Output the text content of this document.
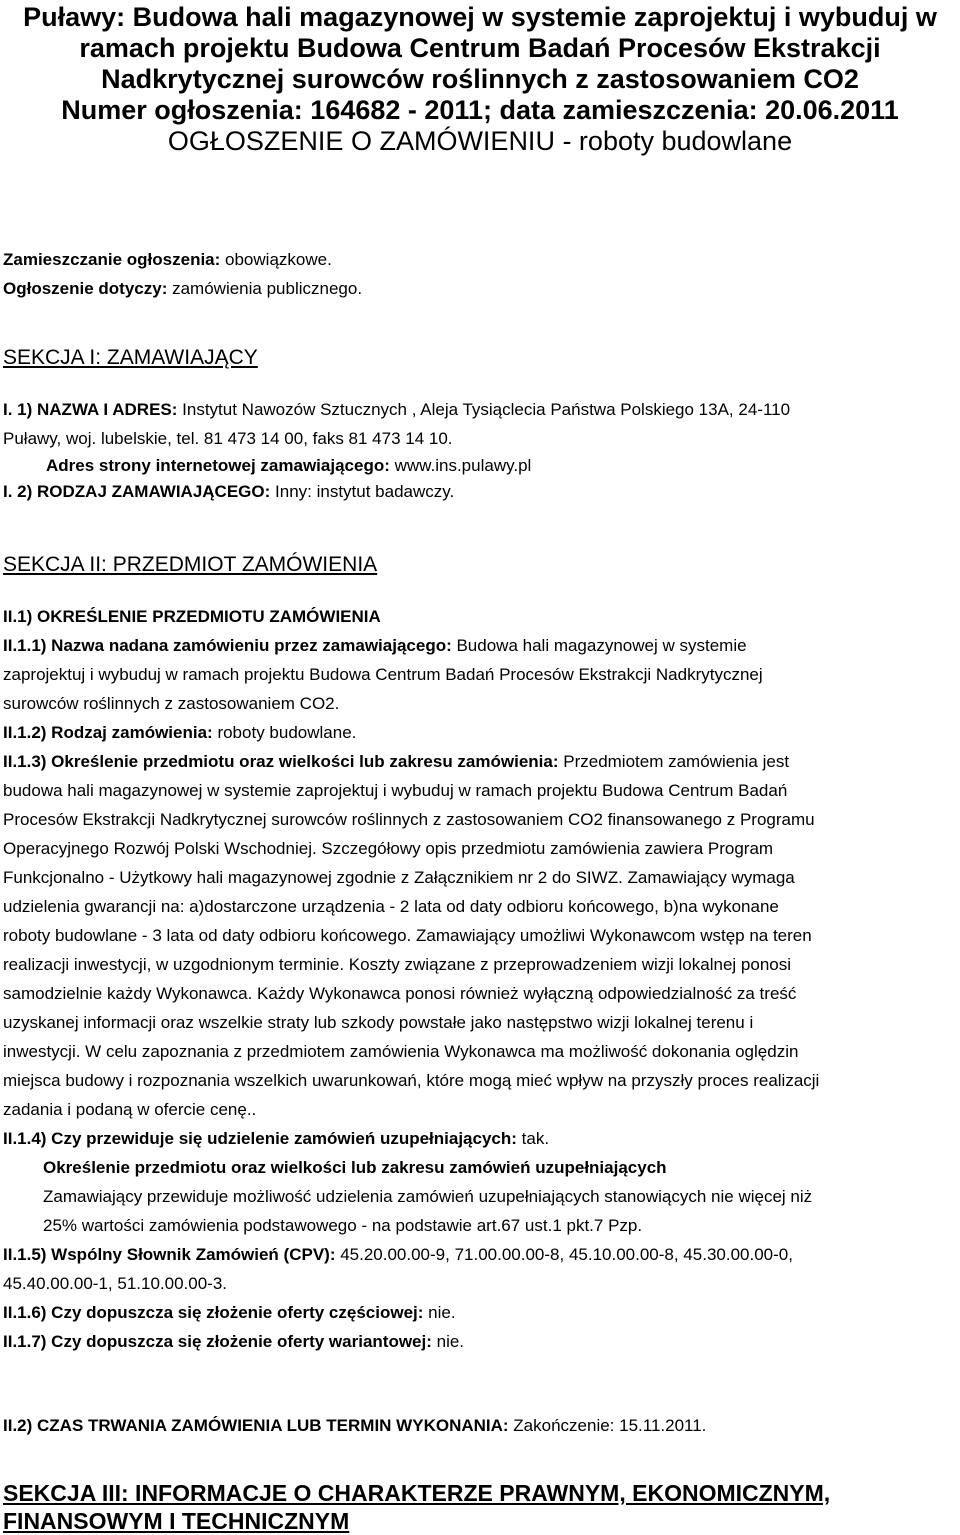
Puławy: Budowa hali magazynowej w systemie zaprojektuj i wybuduj w

ramach projektu Budowa Centrum Badań Procesów Ekstrakcji

Nadkrytycznej surowców roślinnych z zastosowaniem CO2

Numer ogłoszenia: 164682 - 2011; data zamieszczenia: 20.06.2011

OGŁOSZENIE O ZAMÓWIENIU - roboty budowlane

Zamieszczanie ogłoszenia: obowiązkowe.

Ogłoszenie dotyczy: zamówienia publicznego.

SEKCJA I: ZAMAWIAJĄCY

I. 1) NAZWA I ADRES: Instytut Nawozów Sztucznych , Aleja Tysiąclecia Państwa Polskiego 13A, 24-110

Puławy, woj. lubelskie, tel. 81 473 14 00, faks 81 473 14 10.

Adres strony internetowej zamawiającego: www.ins.pulawy.pl

I. 2) RODZAJ ZAMAWIAJĄCEGO: Inny: instytut badawczy.

SEKCJA II: PRZEDMIOT ZAMÓWIENIA

II.1) OKREŚLENIE PRZEDMIOTU ZAMÓWIENIA

II.1.1) Nazwa nadana zamówieniu przez zamawiającego: Budowa hali magazynowej w systemie

zaprojektuj i wybuduj w ramach projektu Budowa Centrum Badań Procesów Ekstrakcji Nadkrytycznej

surowców roślinnych z zastosowaniem CO2.

II.1.2) Rodzaj zamówienia: roboty budowlane.

II.1.3) Określenie przedmiotu oraz wielkości lub zakresu zamówienia: Przedmiotem zamówienia jest

budowa hali magazynowej w systemie zaprojektuj i wybuduj w ramach projektu Budowa Centrum Badań

Procesów Ekstrakcji Nadkrytycznej surowców roślinnych z zastosowaniem CO2 finansowanego z Programu

Operacyjnego Rozwój Polski Wschodniej. Szczegółowy opis przedmiotu zamówienia zawiera Program

Funkcjonalno - Użytkowy hali magazynowej zgodnie z Załącznikiem nr 2 do SIWZ. Zamawiający wymaga

udzielenia gwarancji na: a)dostarczone urządzenia - 2 lata od daty odbioru końcowego, b)na wykonane

roboty budowlane - 3 lata od daty odbioru końcowego. Zamawiający umożliwi Wykonawcom wstęp na teren

realizacji inwestycji, w uzgodnionym terminie. Koszty związane z przeprowadzeniem wizji lokalnej ponosi

samodzielnie każdy Wykonawca. Każdy Wykonawca ponosi również wyłączną odpowiedzialność za treść

uzyskanej informacji oraz wszelkie straty lub szkody powstałe jako następstwo wizji lokalnej terenu i

inwestycji. W celu zapoznania z przedmiotem zamówienia Wykonawca ma możliwość dokonania oględzin

miejsca budowy i rozpoznania wszelkich uwarunkowań, które mogą mieć wpływ na przyszły proces realizacji

zadania i podaną w ofercie cenę..

II.1.4) Czy przewiduje się udzielenie zamówień uzupełniających: tak.

Określenie przedmiotu oraz wielkości lub zakresu zamówień uzupełniających

Zamawiający przewiduje możliwość udzielenia zamówień uzupełniających stanowiących nie więcej niż

25% wartości zamówienia podstawowego - na podstawie art.67 ust.1 pkt.7 Pzp.

II.1.5) Wspólny Słownik Zamówień (CPV): 45.20.00.00-9, 71.00.00.00-8, 45.10.00.00-8, 45.30.00.00-0,

45.40.00.00-1, 51.10.00.00-3.

II.1.6) Czy dopuszcza się złożenie oferty częściowej: nie.

II.1.7) Czy dopuszcza się złożenie oferty wariantowej: nie.

II.2) CZAS TRWANIA ZAMÓWIENIA LUB TERMIN WYKONANIA: Zakończenie: 15.11.2011.

SEKCJA III: INFORMACJE O CHARAKTERZE PRAWNYM, EKONOMICZNYM,

FINANSOWYM I TECHNICZNYM
